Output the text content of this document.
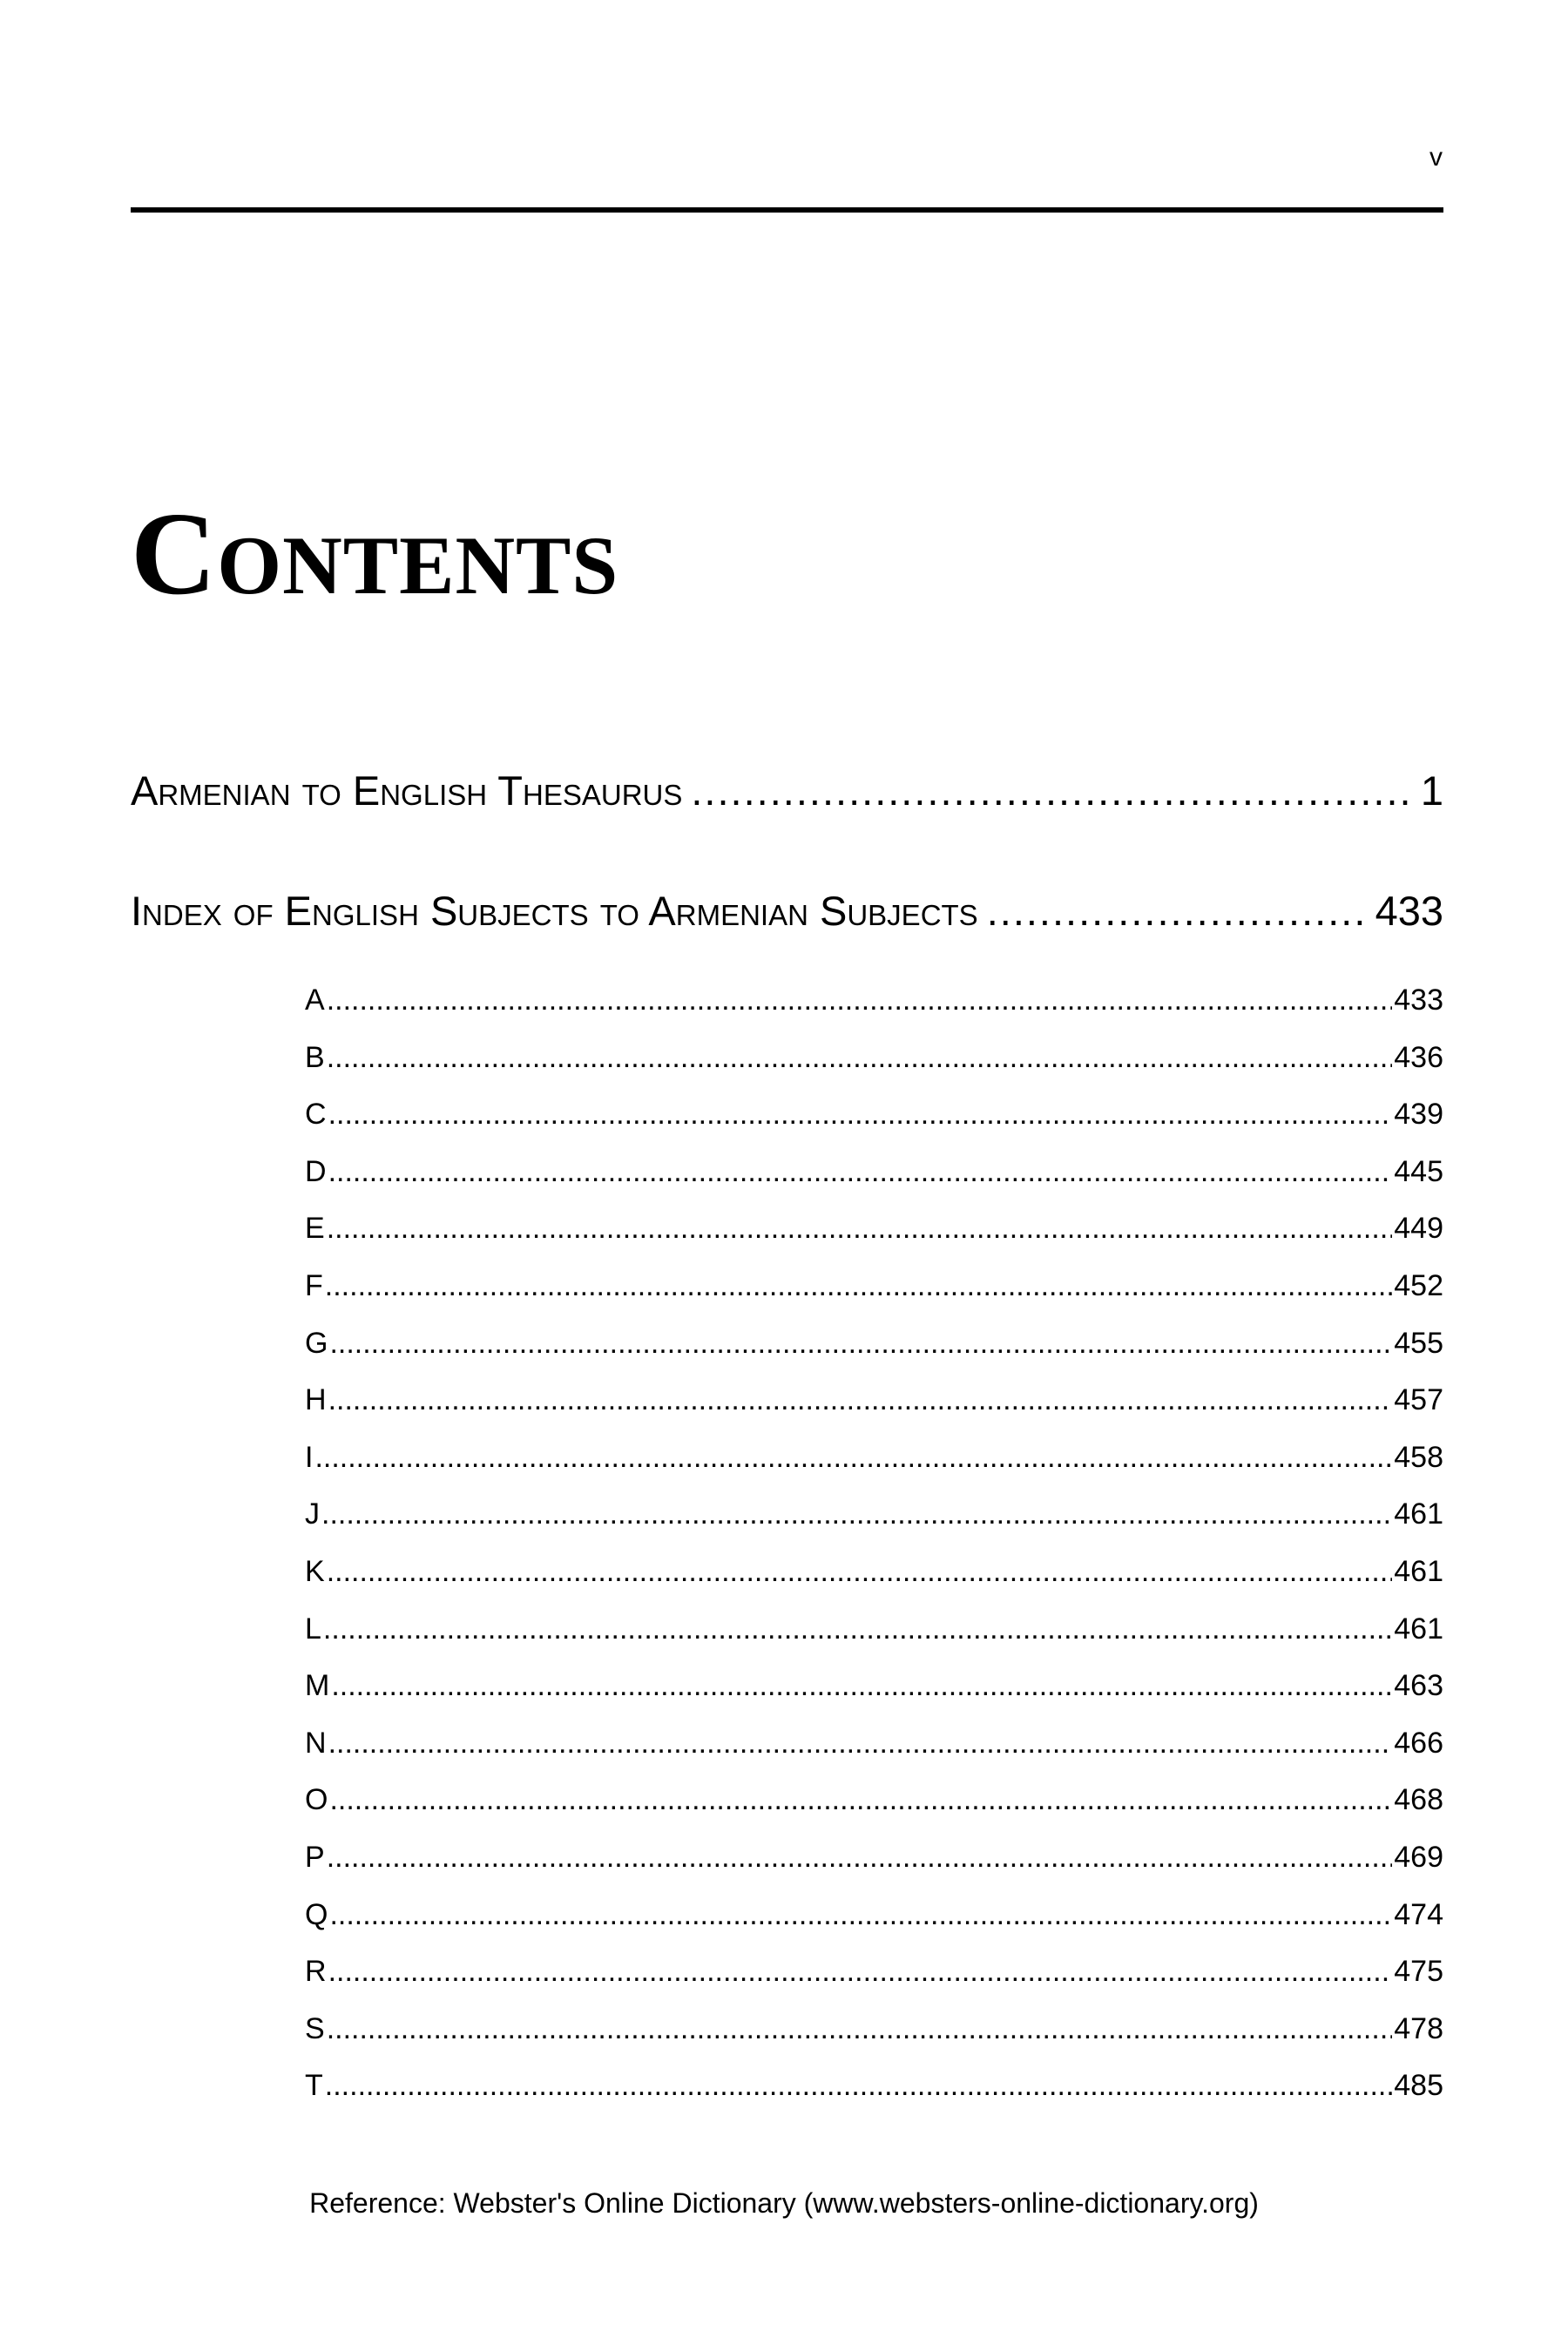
v
Contents
Armenian to English Thesaurus .....	1
Index of English Subjects to Armenian Subjects .....	433
A .....	433
B .....	436
C .....	439
D .....	445
E .....	449
F .....	452
G .....	455
H .....	457
I .....	458
J .....	461
K .....	461
L .....	461
M .....	463
N .....	466
O .....	468
P .....	469
Q .....	474
R .....	475
S .....	478
T .....	485
Reference: Webster's Online Dictionary (www.websters-online-dictionary.org)
